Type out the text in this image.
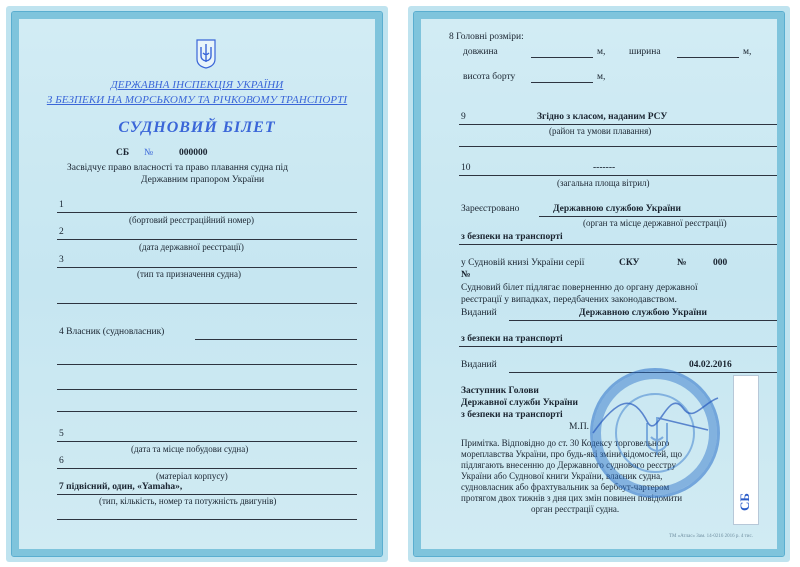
ДЕРЖАВНА ІНСПЕКЦІЯ УКРАЇНИ
З БЕЗПЕКИ НА МОРСЬКОМУ ТА РІЧКОВОМУ ТРАНСПОРТІ
СУДНОВИЙ БІЛЕТ
СБ №	000000
Засвідчує право власності та право плавання судна під
Державним прапором України
1
(бортовий реєстраційний номер)
2
(дата державної реєстрації)
3
(тип та призначення судна)
4 Власник (судновласник)
5
(дата та місце побудови судна)
6
(матеріал корпусу)
7 підвісний, один, «Yamaha»,
(тип, кількість, номер та потужність двигунів)
8 Головні розміри:
довжина	м, ширина	м,
висота борту	м,
9	Згідно з класом, наданим РСУ
(район та умови плавання)
10	-------
(загальна площа вітрил)
Зареєстровано	Державною службою України
(орган та місце державної реєстрації)
з безпеки на транспорті
у Судновій книзі України серії	СКУ	№	000
№
Судновий білет підлягає поверненню до органу державної
реєстрації у випадках, передбачених законодавством.
Виданий	Державною службою України
з безпеки на транспорті
Виданий	04.02.2016
Заступник Голови
Державної служби України
з безпеки на транспорті
М.П.
Примітка. Відповідно до ст. 30 Кодексу торговельного
мореплавства України, про будь-які зміни відомостей, що
підлягають внесенню до Державного суднового реєстру
України або Суднової книги України, власник судна,
судновласник або фрахтувальник за бербоут-чартером
протягом двох тижнів з дня цих змін повинен повідомити
орган реєстрації судна.
ТМ «Атлас» Зам. 14-0216 2016 р. 4 тис.
СБ
